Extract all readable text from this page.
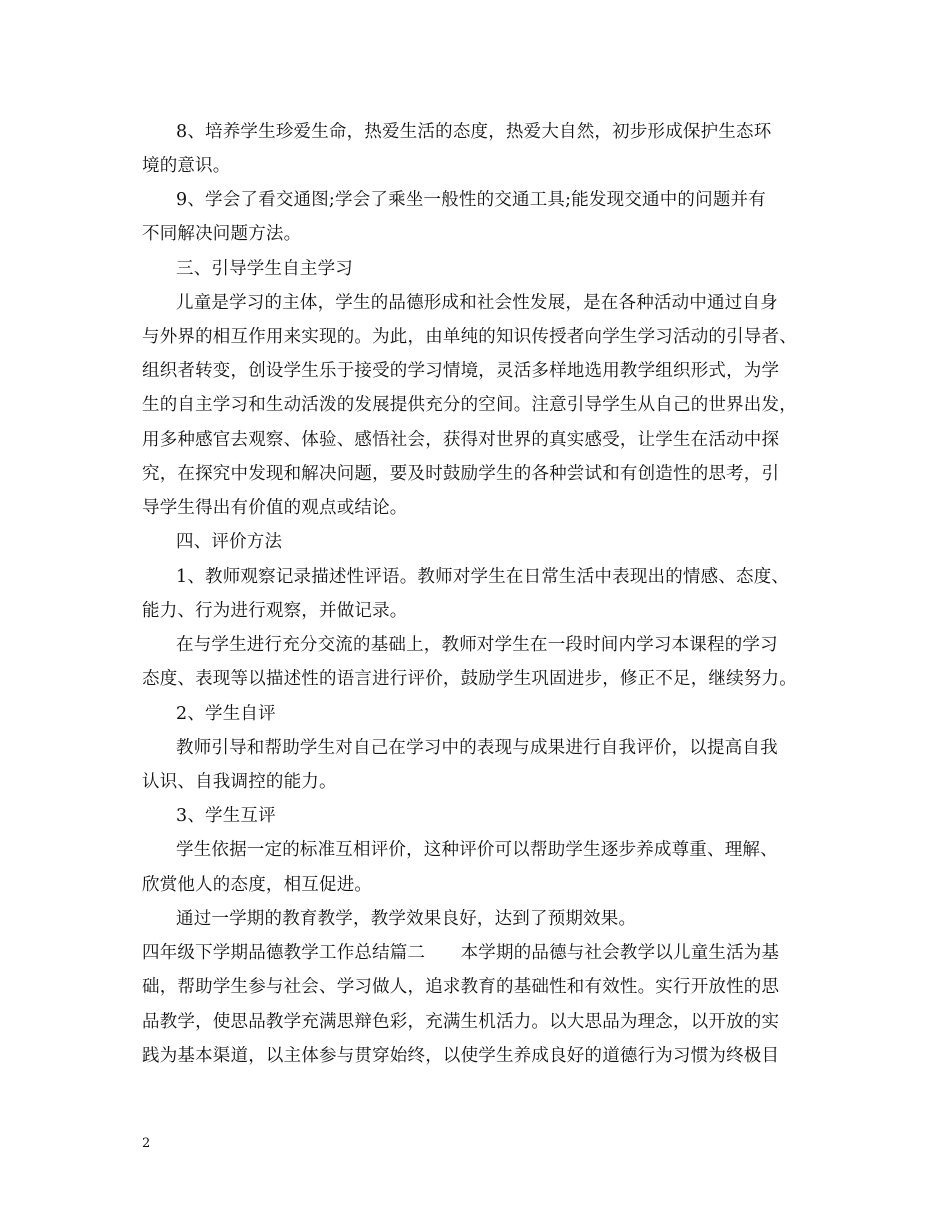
8、培养学生珍爱生命，热爱生活的态度，热爱大自然，初步形成保护生态环
境的意识。
9、学会了看交通图;学会了乘坐一般性的交通工具;能发现交通中的问题并有
不同解决问题方法。
三、引导学生自主学习
儿童是学习的主体，学生的品德形成和社会性发展，是在各种活动中通过自身
与外界的相互作用来实现的。为此，由单纯的知识传授者向学生学习活动的引导者、
组织者转变，创设学生乐于接受的学习情境，灵活多样地选用教学组织形式，为学
生的自主学习和生动活泼的发展提供充分的空间。注意引导学生从自己的世界出发，
用多种感官去观察、体验、感悟社会，获得对世界的真实感受，让学生在活动中探
究，在探究中发现和解决问题，要及时鼓励学生的各种尝试和有创造性的思考，引
导学生得出有价值的观点或结论。
四、评价方法
1、教师观察记录描述性评语。教师对学生在日常生活中表现出的情感、态度、
能力、行为进行观察，并做记录。
在与学生进行充分交流的基础上，教师对学生在一段时间内学习本课程的学习
态度、表现等以描述性的语言进行评价，鼓励学生巩固进步，修正不足，继续努力。
2、学生自评
教师引导和帮助学生对自己在学习中的表现与成果进行自我评价，以提高自我
认识、自我调控的能力。
3、学生互评
学生依据一定的标准互相评价，这种评价可以帮助学生逐步养成尊重、理解、
欣赏他人的态度，相互促进。
通过一学期的教育教学，教学效果良好，达到了预期效果。
四年级下学期品德教学工作总结篇二　　本学期的品德与社会教学以儿童生活为基
础，帮助学生参与社会、学习做人，追求教育的基础性和有效性。实行开放性的思
品教学，使思品教学充满思辩色彩，充满生机活力。以大思品为理念，以开放的实
践为基本渠道，以主体参与贯穿始终，以使学生养成良好的道德行为习惯为终极目
2
